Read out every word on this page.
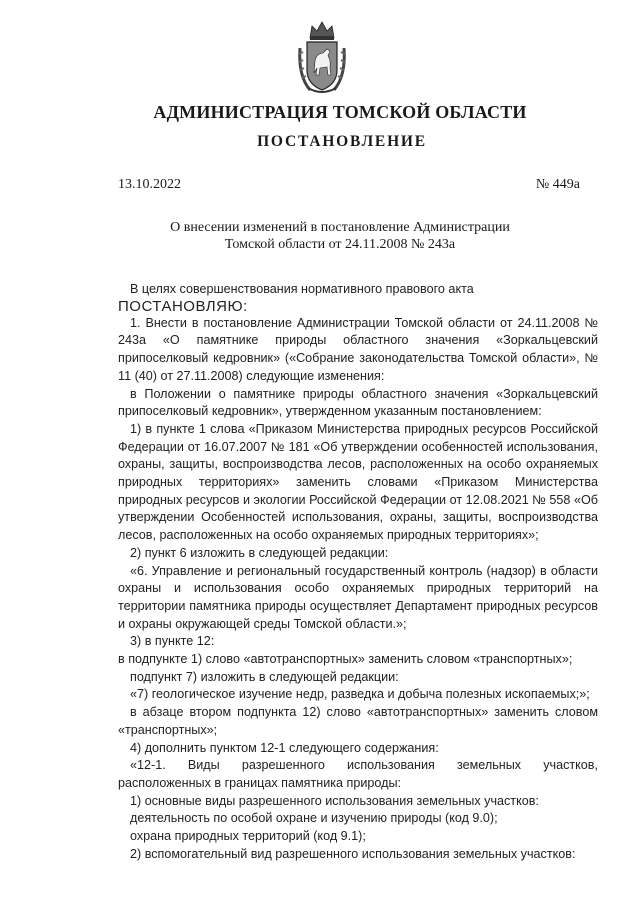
АДМИНИСТРАЦИЯ ТОМСКОЙ ОБЛАСТИ
ПОСТАНОВЛЕНИЕ
13.10.2022	№ 449а
О внесении изменений в постановление Администрации
Томской области от 24.11.2008 № 243а

В целях совершенствования нормативного правового акта

ПОСТАНОВЛЯЮ:

1. Внести в постановление Администрации Томской области от 24.11.2008 № 243а «О памятнике природы областного значения «Зоркальцевский припоселковый кедровник» («Собрание законодательства Томской области», № 11 (40) от 27.11.2008) следующие изменения:

в Положении о памятнике природы областного значения «Зоркальцевский припоселковый кедровник», утвержденном указанным постановлением:

1) в пункте 1 слова «Приказом Министерства природных ресурсов Российской Федерации от 16.07.2007 № 181 «Об утверждении особенностей использования, охраны, защиты, воспроизводства лесов, расположенных на особо охраняемых природных территориях» заменить словами «Приказом Министерства природных ресурсов и экологии Российской Федерации от 12.08.2021 № 558 «Об утверждении Особенностей использования, охраны, защиты, воспроизводства лесов, расположенных на особо охраняемых природных территориях»;

2) пункт 6 изложить в следующей редакции:

«6. Управление и региональный государственный контроль (надзор) в области охраны и использования особо охраняемых природных территорий на территории памятника природы осуществляет Департамент природных ресурсов и охраны окружающей среды Томской области.»;

3) в пункте 12:

в подпункте 1) слово «автотранспортных» заменить словом «транспортных»;

подпункт 7) изложить в следующей редакции:

«7) геологическое изучение недр, разведка и добыча полезных ископаемых;»;

в абзаце втором подпункта 12) слово «автотранспортных» заменить словом «транспортных»;

4) дополнить пунктом 12-1 следующего содержания:

«12-1. Виды разрешенного использования земельных участков, расположенных в границах памятника природы:

1) основные виды разрешенного использования земельных участков:

деятельность по особой охране и изучению природы (код 9.0);

охрана природных территорий (код 9.1);

2) вспомогательный вид разрешенного использования земельных участков:
